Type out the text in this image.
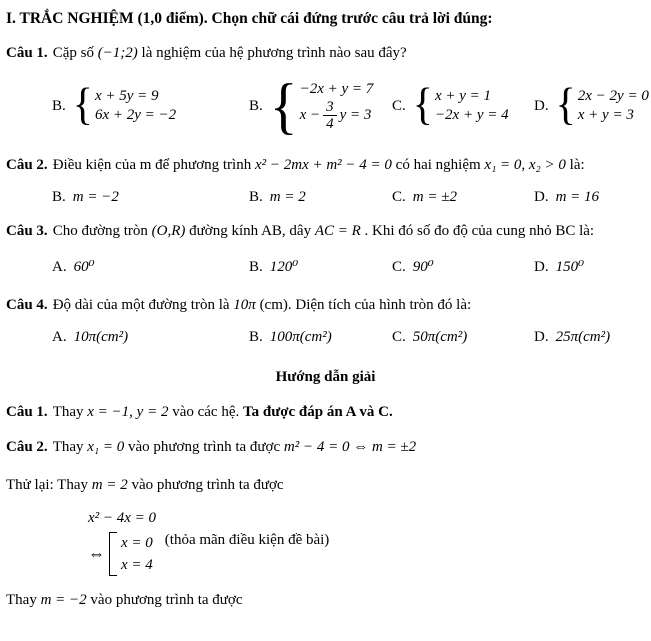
I. TRẮC NGHIỆM (1,0 điểm). Chọn chữ cái đứng trước câu trả lời đúng:

Câu 1. Cặp số (−1;2) là nghiệm của hệ phương trình nào sau đây?

B. { x + 5y = 9
6x + 2y = −2
B. { −2x + y = 7
$x - \frac{3}{4}$ y = 3
C. { x + y = 1
−2x + y = 4
D. { 2x − 2y = 0
x + y = 3

Câu 2. Điều kiện của m để phương trình x² − 2mx + m² − 4 = 0 có hai nghiệm x₁ = 0, x₂ > 0 là:

B. m = −2	B. m = 2	C. m = ±2	D. m = 16

Câu 3. Cho đường tròn (O,R) đường kính AB, dây AC = R . Khi đó số đo độ của cung nhỏ BC là:

A. 60⁰	B. 120⁰	C. 90⁰	D. 150⁰

Câu 4. Độ dài của một đường tròn là 10π (cm). Diện tích của hình tròn đó là:

A. 10π(cm²)	B. 100π(cm²)	C. 50π(cm²)	D. 25π(cm²)
Hướng dẫn giải

Câu 1. Thay x = −1, y = 2 vào các hệ. Ta được đáp án A và C.

Câu 2. Thay x₁ = 0 vào phương trình ta được m² − 4 = 0 ⇔ m = ±2

Thử lại: Thay m = 2 vào phương trình ta được

x² − 4x = 0
⇔
x = 0
x = 4
(thỏa mãn điều kiện đề bài)

Thay m = −2 vào phương trình ta được
